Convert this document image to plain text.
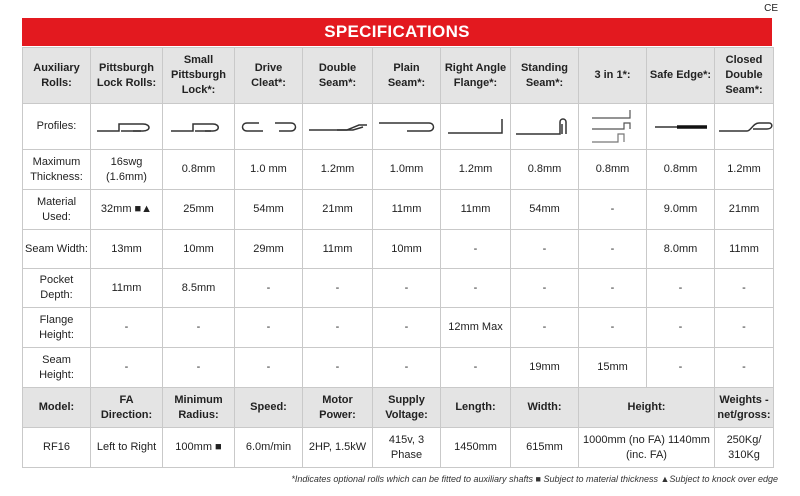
CE
SPECIFICATIONS
Auxiliary Rolls:	Pittsburgh Lock Rolls:	Small Pittsburgh Lock*:	Drive Cleat*:	Double Seam*:	Plain Seam*:	Right Angle Flange*:	Standing Seam*:	3 in 1*:	Safe Edge*:	Closed Double Seam*:
Profiles:	

Maximum Thickness:	16swg (1.6mm)	0.8mm	1.0 mm	1.2mm	1.0mm	1.2mm	0.8mm	0.8mm	0.8mm	1.2mm
Material Used:	32mm ■▲	25mm	54mm	21mm	11mm	11mm	54mm	-	9.0mm	21mm
Seam Width:	13mm	10mm	29mm	11mm	10mm	-	-	-	8.0mm	11mm
Pocket Depth:	11mm	8.5mm	-	-	-	-	-	-	-	-
Flange Height:	-	-	-	-	-	12mm Max	-	-	-	-
Seam Height:	-	-	-	-	-	-	19mm	15mm	-	-
Model:	FA Direction:	Minimum Radius:	Speed:	Motor Power:	Supply Voltage:	Length:	Width:	Height:		Weights - net/gross:
RF16	Left to Right	100mm ■	6.0m/min	2HP, 1.5kW	415v, 3 Phase	1450mm	615mm	1000mm (no FA) 1140mm (inc. FA)		250Kg/ 310Kg
*Indicates optional rolls which can be fitted to auxiliary shafts ■ Subject to material thickness ▲Subject to knock over edge
